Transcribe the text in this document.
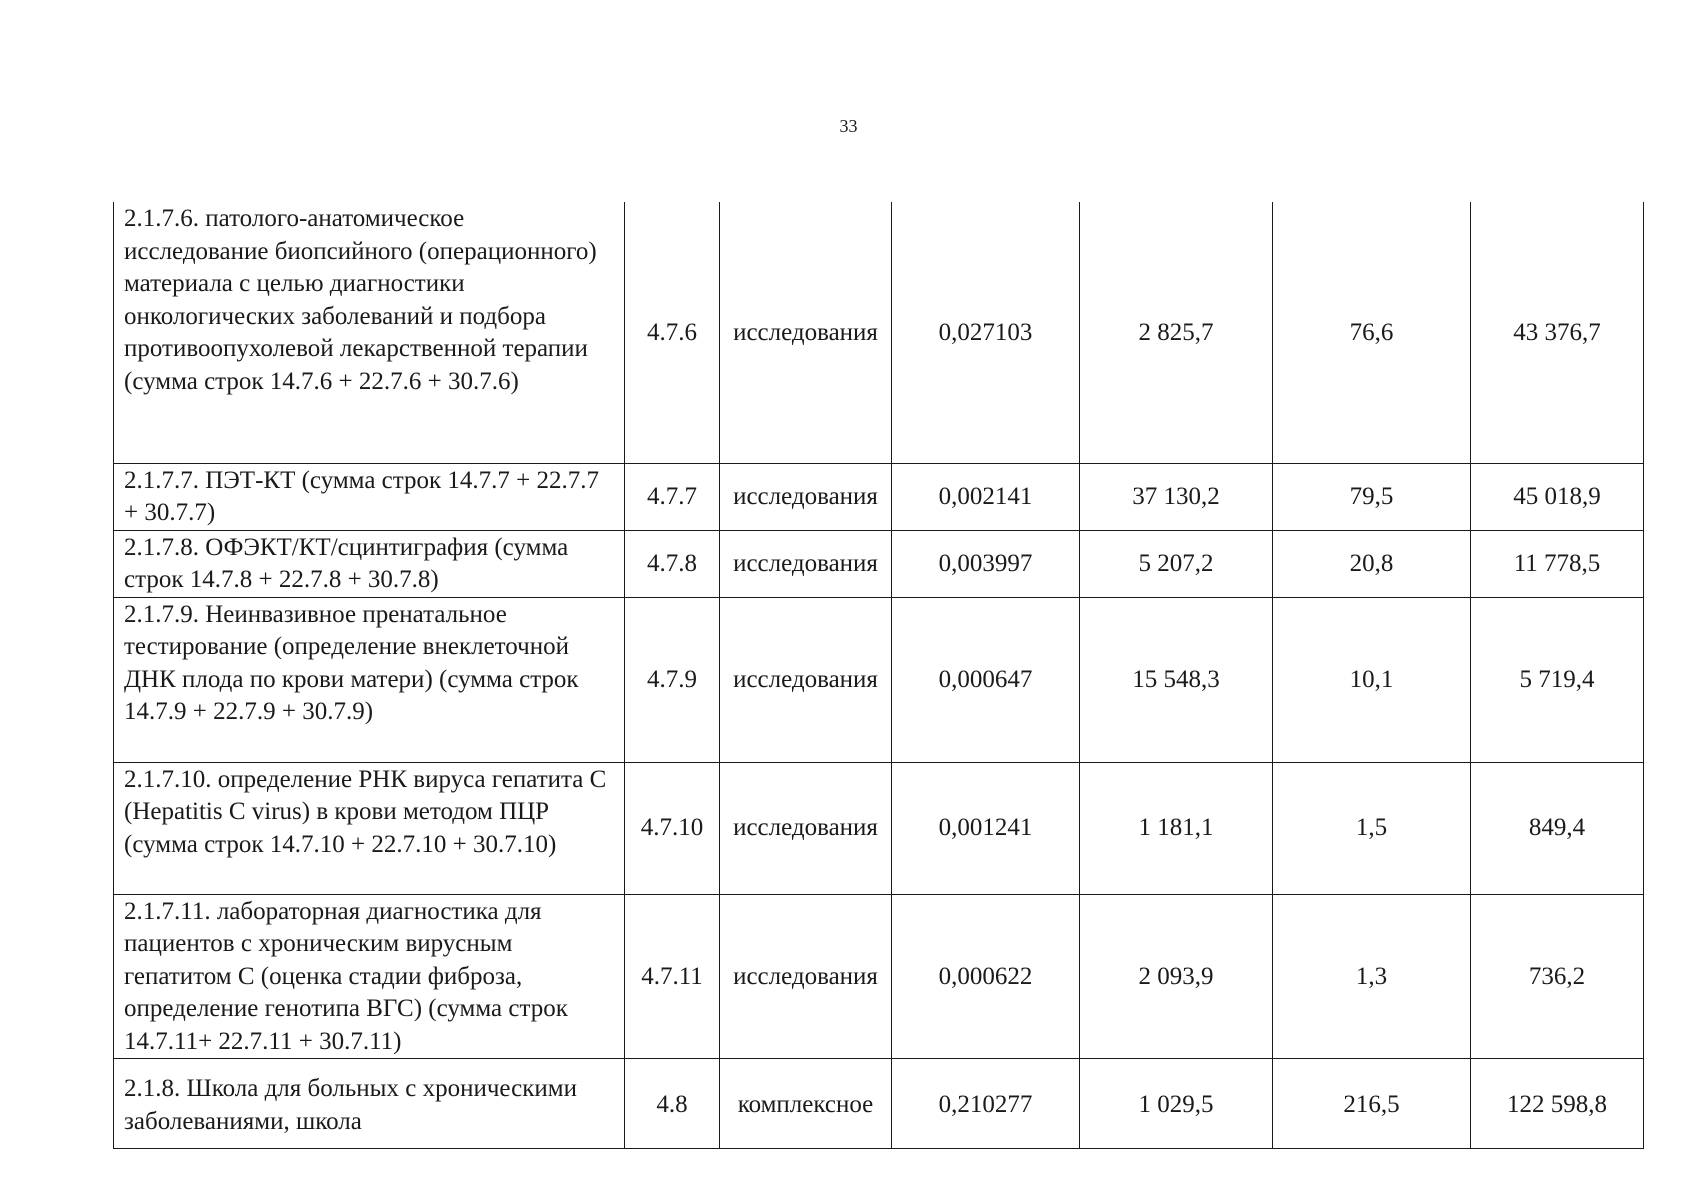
33
2.1.7.6. патолого-анатомическое исследование биопсийного (операционного) материала с целью диагностики онкологических заболеваний и подбора противоопухолевой лекарственной терапии (сумма строк 14.7.6 + 22.7.6 + 30.7.6)	4.7.6	исследования	0,027103	2 825,7	76,6	43 376,7
2.1.7.7. ПЭТ-КТ (сумма строк 14.7.7 + 22.7.7 + 30.7.7)	4.7.7	исследования	0,002141	37 130,2	79,5	45 018,9
2.1.7.8. ОФЭКТ/КТ/сцинтиграфия (сумма строк 14.7.8 + 22.7.8 + 30.7.8)	4.7.8	исследования	0,003997	5 207,2	20,8	11 778,5
2.1.7.9. Неинвазивное пренатальное тестирование (определение внеклеточной ДНК плода по крови матери) (сумма строк 14.7.9 + 22.7.9 + 30.7.9)	4.7.9	исследования	0,000647	15 548,3	10,1	5 719,4
2.1.7.10. определение РНК вируса гепатита С (Hepatitis C virus) в крови методом ПЦР (сумма строк 14.7.10 + 22.7.10 + 30.7.10)	4.7.10	исследования	0,001241	1 181,1	1,5	849,4
2.1.7.11. лабораторная диагностика для пациентов с хроническим вирусным гепатитом С (оценка стадии фиброза, определение генотипа ВГС) (сумма строк 14.7.11+ 22.7.11 + 30.7.11)	4.7.11	исследования	0,000622	2 093,9	1,3	736,2
2.1.8. Школа для больных с хроническими заболеваниями, школа	4.8	комплексное	0,210277	1 029,5	216,5	122 598,8
